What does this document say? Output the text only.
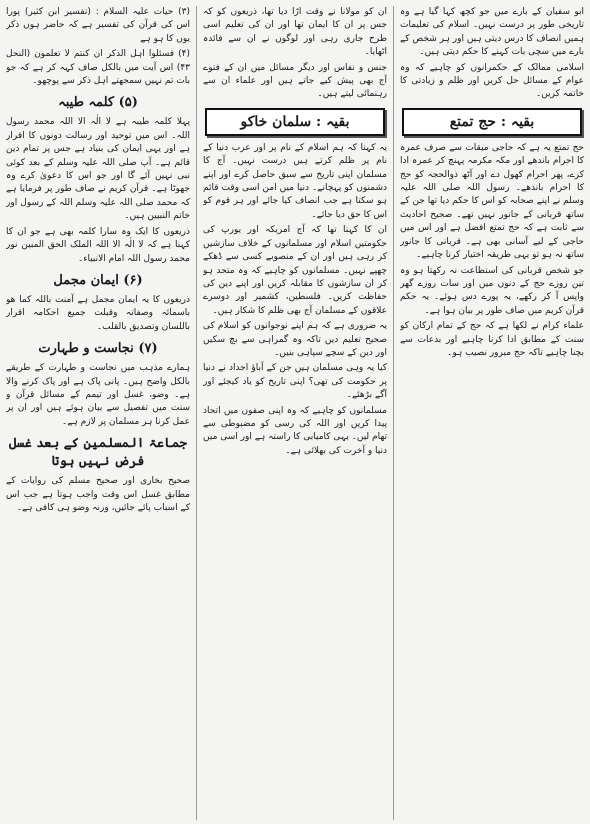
(۳) حیات علیہ السلام : (تفسیر ابن کثیر) پورا اس کی قرآن کی تفسیر ہے کہ حاضر ہوں ذکر یوں کا ہو ہے

(۴) فسئلوا اہل الذکر ان کنتم لا تعلمون (النحل ۴۳) اس آیت میں بالکل صاف کہہ کر ہے کہ جو بات تم نہیں سمجھتے اہل ذکر سے پوچھو۔

(۵) کلمہ طیبہ

پہلا کلمہ طیبہ ہے لا الٰہ الا اللہ محمد رسول اللہ۔ اس میں توحید اور رسالت دونوں کا اقرار ہے اور یہی ایمان کی بنیاد ہے جس پر تمام دین قائم ہے۔ آپ صلی اللہ علیہ وسلم کے بعد کوئی نبی نہیں آئے گا اور جو اس کا دعویٰ کرے وہ جھوٹا ہے۔ قرآن کریم نے صاف طور پر فرمایا ہے کہ محمد صلی اللہ علیہ وسلم اللہ کے رسول اور خاتم النبیین ہیں۔

ذریعوں کا ایک وہ سارا کلمہ بھی ہے جو ان کا کہنا ہے کہ لا الٰہ الا اللہ الملک الحق المبین نور محمد رسول اللہ امام الانبیاء۔

(۶) ایمان مجمل

ذریعوں کا یہ ایمان مجمل ہے آمنت باللہ کما ھو باسمائہ وصفاتہ وقبلت جمیع احکامہ اقرار باللسان وتصدیق بالقلب۔

(۷) نجاست و طہارت

ہمارے مذہب میں نجاست و طہارت کے طریقے بالکل واضح ہیں۔ پانی پاک ہے اور پاک کرنے والا ہے۔ وضو، غسل اور تیمم کے مسائل قرآن و سنت میں تفصیل سے بیان ہوئے ہیں اور ان پر عمل کرنا ہر مسلمان پر لازم ہے۔

جماعۃ المسلمین کے بعد غسل فرض نہیں ہوتا

صحیح بخاری اور صحیح مسلم کی روایات کے مطابق غسل اس وقت واجب ہوتا ہے جب اس کے اسباب پائے جائیں، ورنہ وضو ہی کافی ہے۔

ان کو مولانا نے وقت اڑا دیا تھا، ذریعوں کو کہ جس پر ان کا ایمان تھا اور ان کی تعلیم اسی طرح جاری رہی اور لوگوں نے ان سے فائدہ اٹھایا۔

جنس و نفاس اور دیگر مسائل میں ان کے فتوے آج بھی پیش کیے جاتے ہیں اور علماء ان سے رہنمائی لیتے ہیں۔

بقیہ : سلمان خاکو

یہ کہنا کہ ہم اسلام کے نام پر اور عرب دنیا کے نام پر ظلم کرتے ہیں درست نہیں۔ آج کا مسلمان اپنی تاریخ سے سبق حاصل کرے اور اپنے دشمنوں کو پہچانے۔ دنیا میں امن اسی وقت قائم ہو سکتا ہے جب انصاف کیا جائے اور ہر قوم کو اس کا حق دیا جائے۔

ان کا کہنا تھا کہ آج امریکہ اور یورپ کی حکومتیں اسلام اور مسلمانوں کے خلاف سازشیں کر رہی ہیں اور ان کے منصوبے کسی سے ڈھکے چھپے نہیں۔ مسلمانوں کو چاہیے کہ وہ متحد ہو کر ان سازشوں کا مقابلہ کریں اور اپنے دین کی حفاظت کریں۔ فلسطین، کشمیر اور دوسرے علاقوں کے مسلمان آج بھی ظلم کا شکار ہیں۔

یہ ضروری ہے کہ ہم اپنے نوجوانوں کو اسلام کی صحیح تعلیم دیں تاکہ وہ گمراہی سے بچ سکیں اور دین کے سچے سپاہی بنیں۔

کیا یہ وہی مسلمان ہیں جن کے آباؤ اجداد نے دنیا پر حکومت کی تھی؟ اپنی تاریخ کو یاد کیجئے اور آگے بڑھئے۔

مسلمانوں کو چاہیے کہ وہ اپنی صفوں میں اتحاد پیدا کریں اور اللہ کی رسی کو مضبوطی سے تھام لیں۔ یہی کامیابی کا راستہ ہے اور اسی میں دنیا و آخرت کی بھلائی ہے۔

ابو سفیان کے بارے میں جو کچھ کہا گیا ہے وہ تاریخی طور پر درست نہیں۔ اسلام کی تعلیمات ہمیں انصاف کا درس دیتی ہیں اور ہر شخص کے بارے میں سچی بات کہنے کا حکم دیتی ہیں۔

اسلامی ممالک کے حکمرانوں کو چاہیے کہ وہ عوام کے مسائل حل کریں اور ظلم و زیادتی کا خاتمہ کریں۔

بقیہ : حج تمتع

حج تمتع یہ ہے کہ حاجی میقات سے صرف عمرہ کا احرام باندھے اور مکہ مکرمہ پہنچ کر عمرہ ادا کرے، پھر احرام کھول دے اور آٹھ ذوالحجہ کو حج کا احرام باندھے۔ رسول اللہ صلی اللہ علیہ وسلم نے اپنے صحابہ کو اس کا حکم دیا تھا جن کے ساتھ قربانی کے جانور نہیں تھے۔ صحیح احادیث سے ثابت ہے کہ حج تمتع افضل ہے اور اس میں حاجی کے لیے آسانی بھی ہے۔ قربانی کا جانور ساتھ نہ ہو تو یہی طریقہ اختیار کرنا چاہیے۔

جو شخص قربانی کی استطاعت نہ رکھتا ہو وہ تین روزے حج کے دنوں میں اور سات روزے گھر واپس آ کر رکھے، یہ پورے دس ہوئے۔ یہ حکم قرآن کریم میں صاف طور پر بیان ہوا ہے۔

علماء کرام نے لکھا ہے کہ حج کے تمام ارکان کو سنت کے مطابق ادا کرنا چاہیے اور بدعات سے بچنا چاہیے تاکہ حج مبرور نصیب ہو۔
